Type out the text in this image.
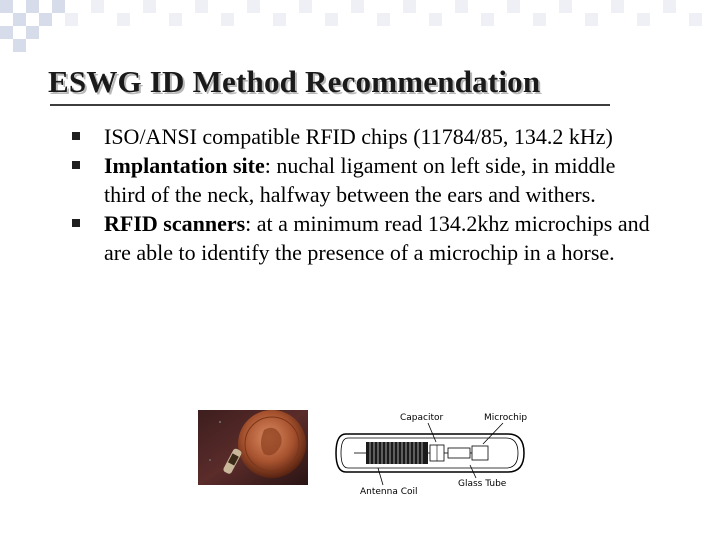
ESWG ID Method Recommendation
ISO/ANSI compatible RFID chips (11784/85, 134.2 kHz)
Implantation site: nuchal ligament on left side, in middle third of the neck, halfway between the ears and withers.
RFID scanners: at a minimum read 134.2khz microchips and are able to identify the presence of a microchip in a horse.
Capacitor	Microchip
Antenna Coil
Glass Tube
